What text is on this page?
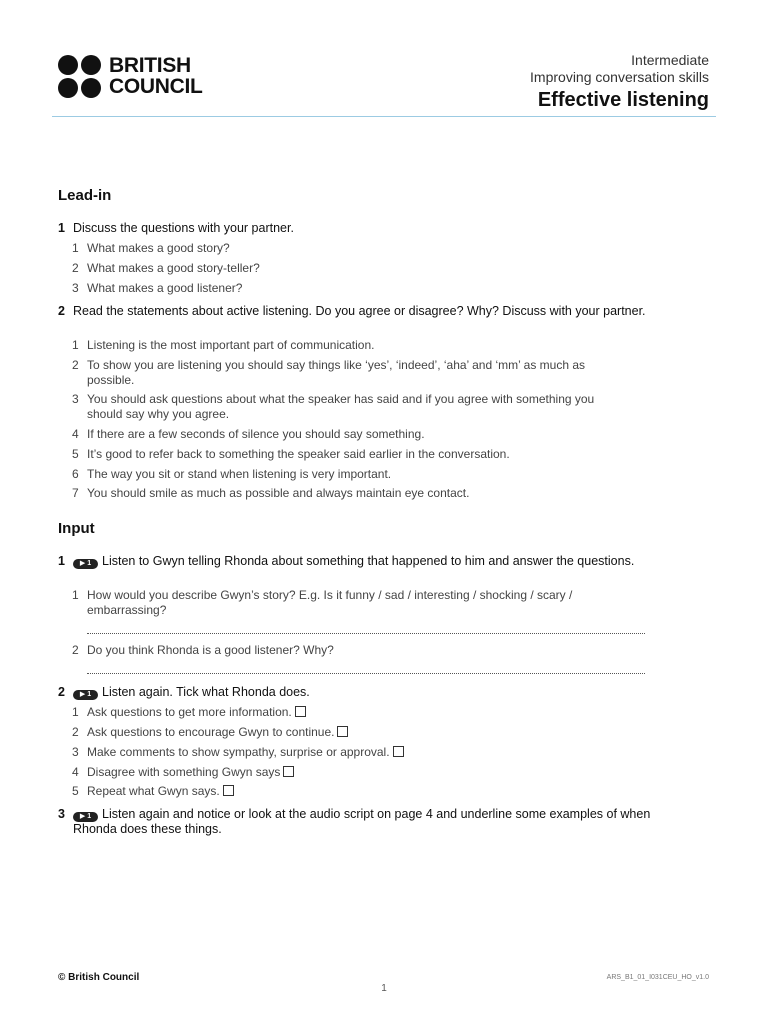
BRITISH
COUNCIL
Intermediate
Improving conversation skills
Effective listening
Lead-in
1 Discuss the questions with your partner.
1 What makes a good story?
2 What makes a good story-teller?
3 What makes a good listener?
2 Read the statements about active listening. Do you agree or disagree? Why? Discuss with your partner.
1 Listening is the most important part of communication.
2 To show you are listening you should say things like ‘yes’, ‘indeed’, ‘aha’ and ‘mm’ as much as possible.
3 You should ask questions about what the speaker has said and if you agree with something you should say why you agree.
4 If there are a few seconds of silence you should say something.
5 It’s good to refer back to something the speaker said earlier in the conversation.
6 The way you sit or stand when listening is very important.
7 You should smile as much as possible and always maintain eye contact.
Input
1	▶ 1 Listen to Gwyn telling Rhonda about something that happened to him and answer the questions.
1 How would you describe Gwyn’s story? E.g. Is it funny / sad / interesting / shocking / scary / embarrassing?
2 Do you think Rhonda is a good listener? Why?
2	▶ 1 Listen again. Tick what Rhonda does.
1 Ask questions to get more information.
2 Ask questions to encourage Gwyn to continue.
3 Make comments to show sympathy, surprise or approval.
4 Disagree with something Gwyn says
5 Repeat what Gwyn says.
3	▶ 1 Listen again and notice or look at the audio script on page 4 and underline some examples of when Rhonda does these things.
© British Council	ARS_B1_01_I031CEU_HO_v1.0
1
